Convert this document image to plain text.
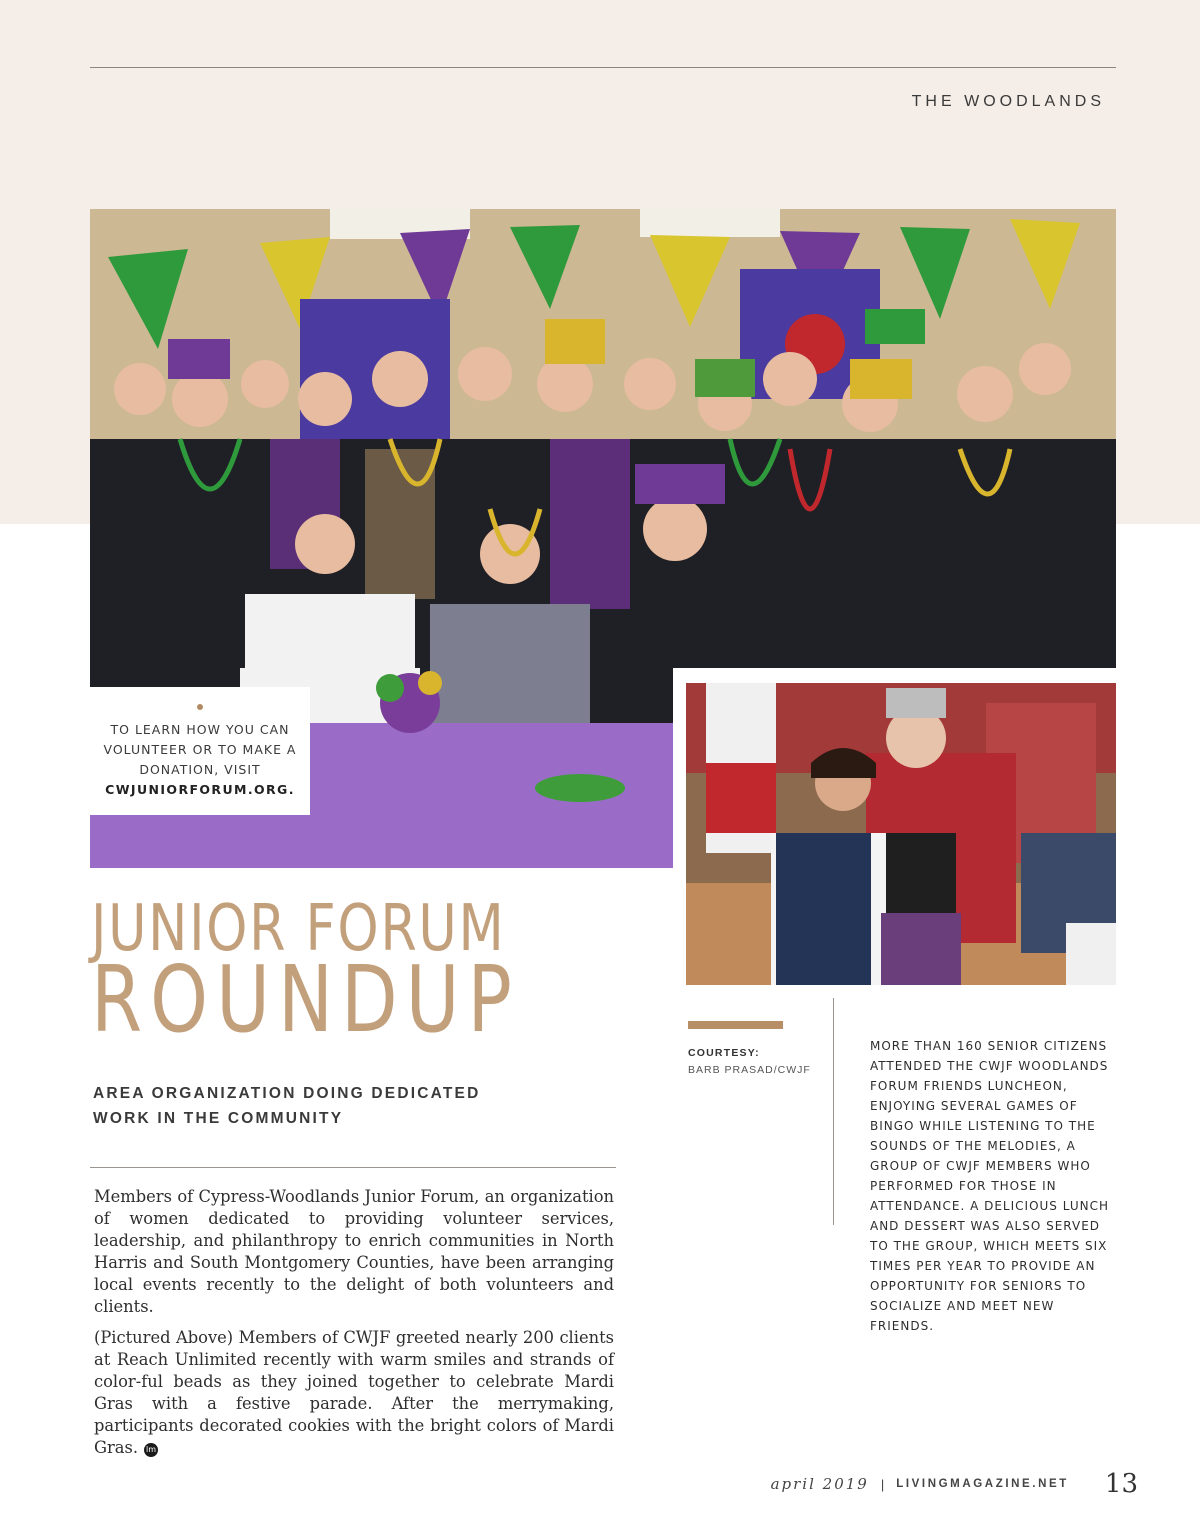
THE WOODLANDS

TO LEARN HOW YOU CAN VOLUNTEER OR TO MAKE A DONATION, VISIT

CWJUNIORFORUM.ORG.

JUNIOR FORUM
ROUNDUP
AREA ORGANIZATION DOING DEDICATED WORK IN THE COMMUNITY

Members of Cypress-Woodlands Junior Forum, an organization of women dedicated to providing volunteer services, leadership, and philanthropy to enrich communities in North Harris and South Montgomery Counties, have been arranging local events recently to the delight of both volunteers and clients.

(Pictured Above) Members of CWJF greeted nearly 200 clients at Reach Unlimited recently with warm smiles and strands of color-ful beads as they joined together to celebrate Mardi Gras with a festive parade. After the merrymaking, participants decorated cookies with the bright colors of Mardi Gras. lm

COURTESY:
BARB PRASAD/CWJF
MORE THAN 160 SENIOR CITIZENS ATTENDED THE CWJF WOODLANDS FORUM FRIENDS LUNCHEON, ENJOYING SEVERAL GAMES OF BINGO WHILE LISTENING TO THE SOUNDS OF THE MELODIES, A GROUP OF CWJF MEMBERS WHO PERFORMED FOR THOSE IN ATTENDANCE. A DELICIOUS LUNCH AND DESSERT WAS ALSO SERVED TO THE GROUP, WHICH MEETS SIX TIMES PER YEAR TO PROVIDE AN OPPORTUNITY FOR SENIORS TO SOCIALIZE AND MEET NEW FRIENDS.
april 2019 | LIVINGMAGAZINE.NET 13
